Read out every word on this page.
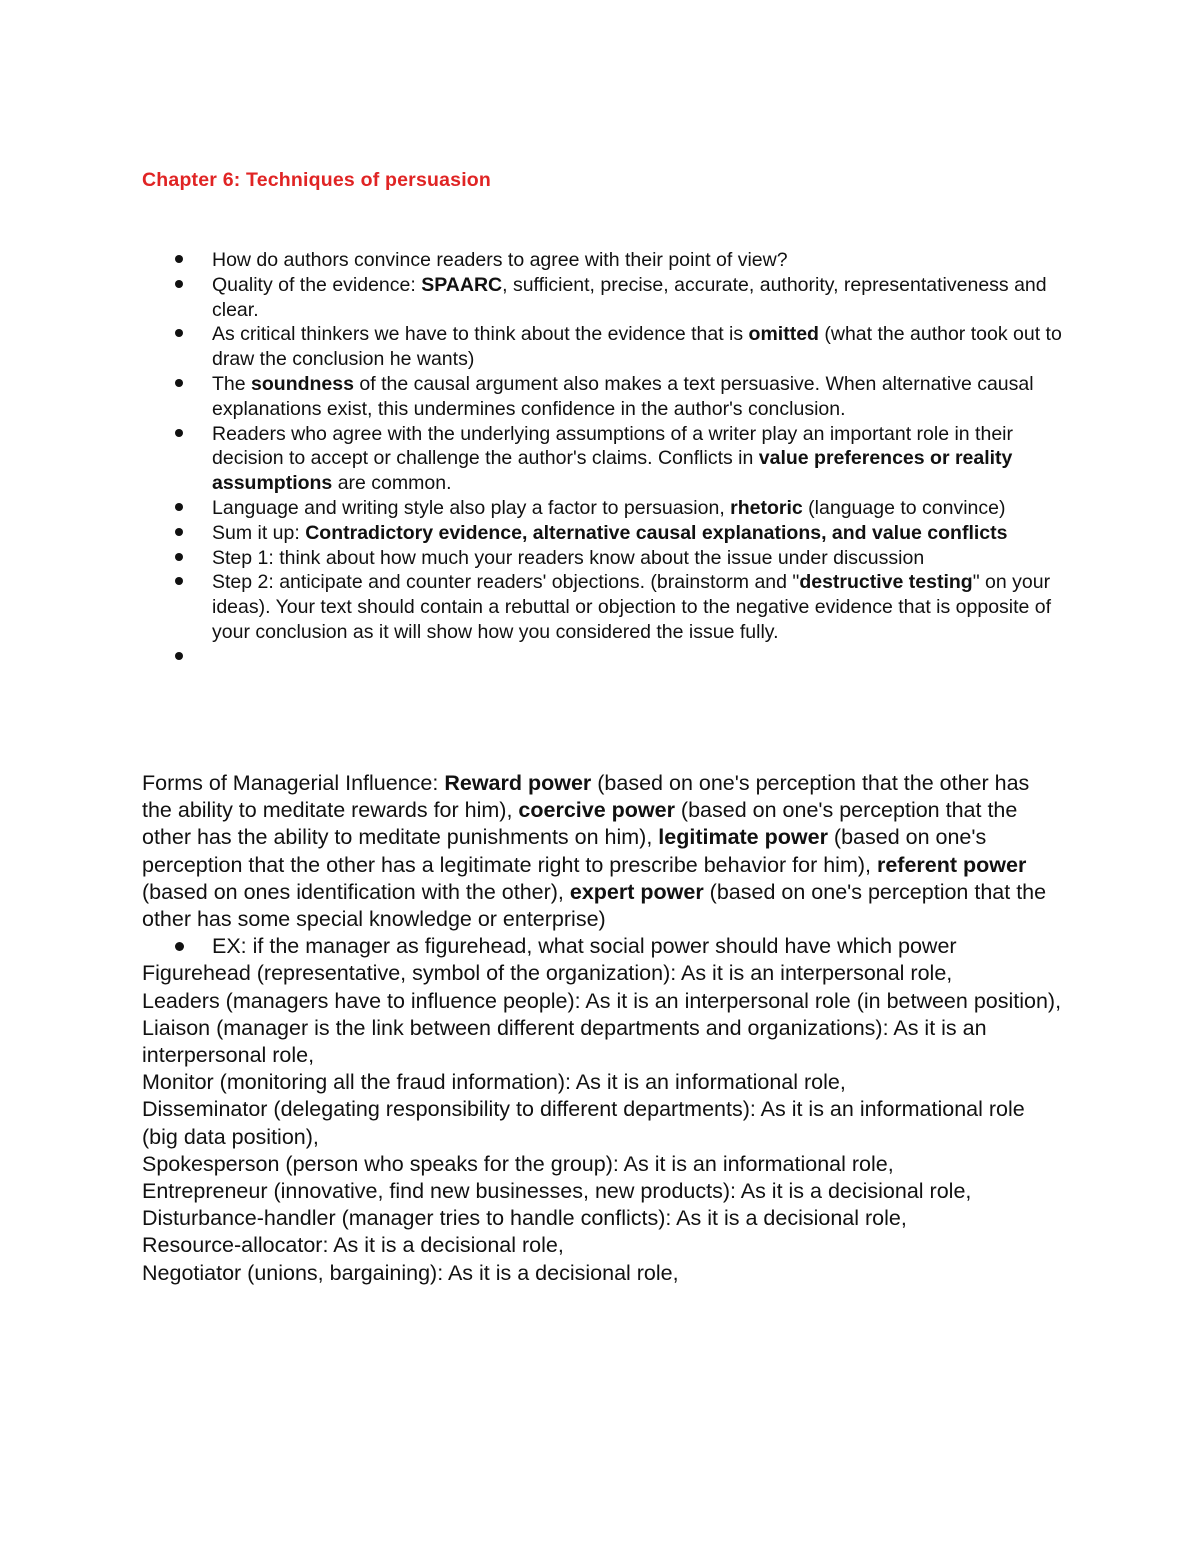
Chapter 6: Techniques of persuasion
How do authors convince readers to agree with their point of view?
Quality of the evidence: SPAARC, sufficient, precise, accurate, authority, representativeness and clear.
As critical thinkers we have to think about the evidence that is omitted (what the author took out to draw the conclusion he wants)
The soundness of the causal argument also makes a text persuasive. When alternative causal explanations exist, this undermines confidence in the author's conclusion.
Readers who agree with the underlying assumptions of a writer play an important role in their decision to accept or challenge the author's claims. Conflicts in value preferences or reality assumptions are common.
Language and writing style also play a factor to persuasion, rhetoric (language to convince)
Sum it up: Contradictory evidence, alternative causal explanations, and value conflicts
Step 1: think about how much your readers know about the issue under discussion
Step 2: anticipate and counter readers' objections. (brainstorm and "destructive testing" on your ideas). Your text should contain a rebuttal or objection to the negative evidence that is opposite of your conclusion as it will show how you considered the issue fully.

Forms of Managerial Influence: Reward power (based on one's perception that the other has the ability to meditate rewards for him), coercive power (based on one's perception that the other has the ability to meditate punishments on him), legitimate power (based on one's perception that the other has a legitimate right to prescribe behavior for him), referent power (based on ones identification with the other), expert power (based on one's perception that the other has some special knowledge or enterprise)

EX: if the manager as figurehead, what social power should have which power
Figurehead (representative, symbol of the organization): As it is an interpersonal role,
Leaders (managers have to influence people): As it is an interpersonal role (in between position),
Liaison (manager is the link between different departments and organizations): As it is an interpersonal role,
Monitor (monitoring all the fraud information): As it is an informational role,
Disseminator (delegating responsibility to different departments): As it is an informational role (big data position),
Spokesperson (person who speaks for the group): As it is an informational role,
Entrepreneur (innovative, find new businesses, new products): As it is a decisional role,
Disturbance-handler (manager tries to handle conflicts): As it is a decisional role,
Resource-allocator: As it is a decisional role,
Negotiator (unions, bargaining): As it is a decisional role,
